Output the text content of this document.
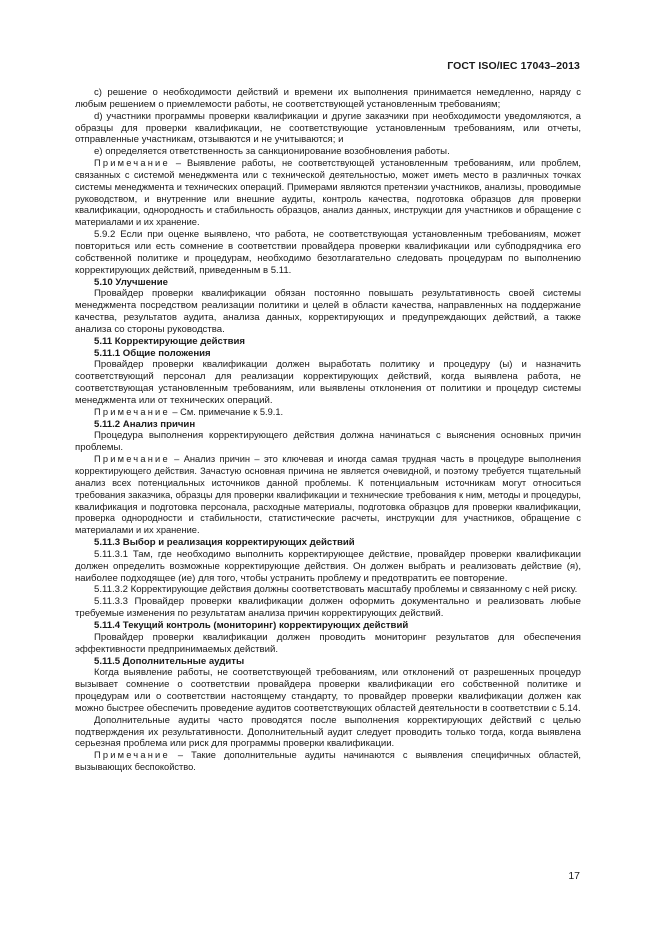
ГОСТ ISO/IEC 17043–2013

с) решение о необходимости действий и времени их выполнения принимается немедленно, наряду с любым решением о приемлемости работы, не соответствующей установленным требованиям;

d) участники программы проверки квалификации и другие заказчики при необходимости уведомляются, а образцы для проверки квалификации, не соответствующие установленным требованиям, или отчеты, отправленные участникам, отзываются и не учитываются; и

е) определяется ответственность за санкционирование возобновления работы.

Примечание – Выявление работы, не соответствующей установленным требованиям, или проблем, связанных с системой менеджмента или с технической деятельностью, может иметь место в различных точках системы менеджмента и технических операций. Примерами являются претензии участников, анализы, проводимые руководством, и внутренние или внешние аудиты, контроль качества, подготовка образцов для проверки квалификации, однородность и стабильность образцов, анализ данных, инструкции для участников и обращение с материалами и их хранение.

5.9.2 Если при оценке выявлено, что работа, не соответствующая установленным требованиям, может повториться или есть сомнение в соответствии провайдера проверки квалификации или субподрядчика его собственной политике и процедурам, необходимо безотлагательно следовать процедурам по выполнению корректирующих действий, приведенным в 5.11.

5.10 Улучшение

Провайдер проверки квалификации обязан постоянно повышать результативность своей системы менеджмента посредством реализации политики и целей в области качества, направленных на поддержание качества, результатов аудита, анализа данных, корректирующих и предупреждающих действий, а также анализа со стороны руководства.

5.11 Корректирующие действия

5.11.1 Общие положения

Провайдер проверки квалификации должен выработать политику и процедуру (ы) и назначить соответствующий персонал для реализации корректирующих действий, когда выявлена работа, не соответствующая установленным требованиям, или выявлены отклонения от политики и процедур системы менеджмента или от технических операций.

Примечание – См. примечание к 5.9.1.

5.11.2 Анализ причин

Процедура выполнения корректирующего действия должна начинаться с выяснения основных причин проблемы.

Примечание – Анализ причин – это ключевая и иногда самая трудная часть в процедуре выполнения корректирующего действия. Зачастую основная причина не является очевидной, и поэтому требуется тщательный анализ всех потенциальных источников данной проблемы. К потенциальным источникам могут относиться требования заказчика, образцы для проверки квалификации и технические требования к ним, методы и процедуры, квалификация и подготовка персонала, расходные материалы, подготовка образцов для проверки квалификации, проверка однородности и стабильности, статистические расчеты, инструкции для участников, обращение с материалами и их хранение.

5.11.3 Выбор и реализация корректирующих действий

5.11.3.1 Там, где необходимо выполнить корректирующее действие, провайдер проверки квалификации должен определить возможные корректирующие действия. Он должен выбрать и реализовать действие (я), наиболее подходящее (ие) для того, чтобы устранить проблему и предотвратить ее повторение.

5.11.3.2 Корректирующие действия должны соответствовать масштабу проблемы и связанному с ней риску.

5.11.3.3 Провайдер проверки квалификации должен оформить документально и реализовать любые требуемые изменения по результатам анализа причин корректирующих действий.

5.11.4 Текущий контроль (мониторинг) корректирующих действий

Провайдер проверки квалификации должен проводить мониторинг результатов для обеспечения эффективности предпринимаемых действий.

5.11.5 Дополнительные аудиты

Когда выявление работы, не соответствующей требованиям, или отклонений от разрешенных процедур вызывает сомнение о соответствии провайдера проверки квалификации его собственной политике и процедурам или о соответствии настоящему стандарту, то провайдер проверки квалификации должен как можно быстрее обеспечить проведение аудитов соответствующих областей деятельности в соответствии с 5.14.

Дополнительные аудиты часто проводятся после выполнения корректирующих действий с целью подтверждения их результативности. Дополнительный аудит следует проводить только тогда, когда выявлена серьезная проблема или риск для программы проверки квалификации.

Примечание – Такие дополнительные аудиты начинаются с выявления специфичных областей, вызывающих беспокойство.

17
